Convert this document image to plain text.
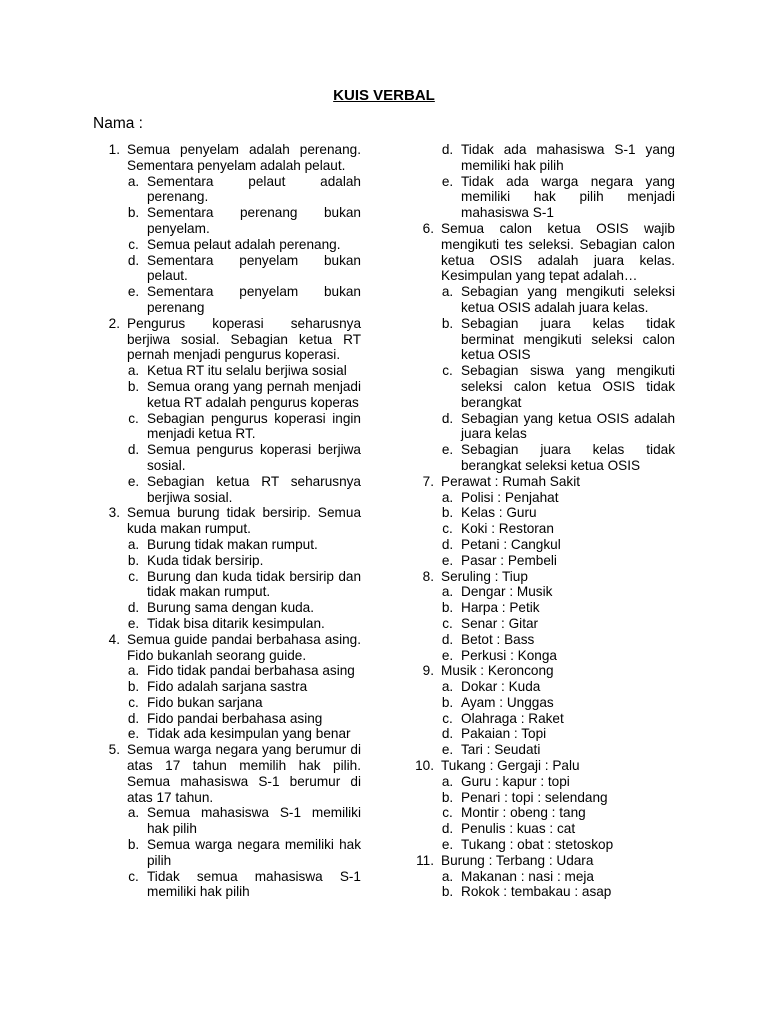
KUIS VERBAL
Nama :
1. Semua penyelam adalah perenang. Sementara penyelam adalah pelaut.
a. Sementara pelaut adalah perenang.
b. Sementara perenang bukan penyelam.
c. Semua pelaut adalah perenang.
d. Sementara penyelam bukan pelaut.
e. Sementara penyelam bukan perenang
2. Pengurus koperasi seharusnya berjiwa sosial. Sebagian ketua RT pernah menjadi pengurus koperasi.
a. Ketua RT itu selalu berjiwa sosial
b. Semua orang yang pernah menjadi ketua RT adalah pengurus koperas
c. Sebagian pengurus koperasi ingin menjadi ketua RT.
d. Semua pengurus koperasi berjiwa sosial.
e. Sebagian ketua RT seharusnya berjiwa sosial.
3. Semua burung tidak bersirip. Semua kuda makan rumput.
a. Burung tidak makan rumput.
b. Kuda tidak bersirip.
c. Burung dan kuda tidak bersirip dan tidak makan rumput.
d. Burung sama dengan kuda.
e. Tidak bisa ditarik kesimpulan.
4. Semua guide pandai berbahasa asing. Fido bukanlah seorang guide.
a. Fido tidak pandai berbahasa asing
b. Fido adalah sarjana sastra
c. Fido bukan sarjana
d. Fido pandai berbahasa asing
e. Tidak ada kesimpulan yang benar
5. Semua warga negara yang berumur di atas 17 tahun memilih hak pilih. Semua mahasiswa S-1 berumur di atas 17 tahun.
a. Semua mahasiswa S-1 memiliki hak pilih
b. Semua warga negara memiliki hak pilih
c. Tidak semua mahasiswa S-1 memiliki hak pilih
d. Tidak ada mahasiswa S-1 yang memiliki hak pilih
e. Tidak ada warga negara yang memiliki hak pilih menjadi mahasiswa S-1
6. Semua calon ketua OSIS wajib mengikuti tes seleksi. Sebagian calon ketua OSIS adalah juara kelas. Kesimpulan yang tepat adalah…
a. Sebagian yang mengikuti seleksi ketua OSIS adalah juara kelas.
b. Sebagian juara kelas tidak berminat mengikuti seleksi calon ketua OSIS
c. Sebagian siswa yang mengikuti seleksi calon ketua OSIS tidak berangkat
d. Sebagian yang ketua OSIS adalah juara kelas
e. Sebagian juara kelas tidak berangkat seleksi ketua OSIS
7. Perawat : Rumah Sakit
a. Polisi : Penjahat
b. Kelas : Guru
c. Koki : Restoran
d. Petani : Cangkul
e. Pasar : Pembeli
8. Seruling : Tiup
a. Dengar : Musik
b. Harpa : Petik
c. Senar : Gitar
d. Betot : Bass
e. Perkusi : Konga
9. Musik : Keroncong
a. Dokar : Kuda
b. Ayam : Unggas
c. Olahraga : Raket
d. Pakaian : Topi
e. Tari : Seudati
10. Tukang : Gergaji : Palu
a. Guru : kapur : topi
b. Penari : topi : selendang
c. Montir : obeng : tang
d. Penulis : kuas : cat
e. Tukang : obat : stetoskop
11. Burung : Terbang : Udara
a. Makanan : nasi : meja
b. Rokok : tembakau : asap
